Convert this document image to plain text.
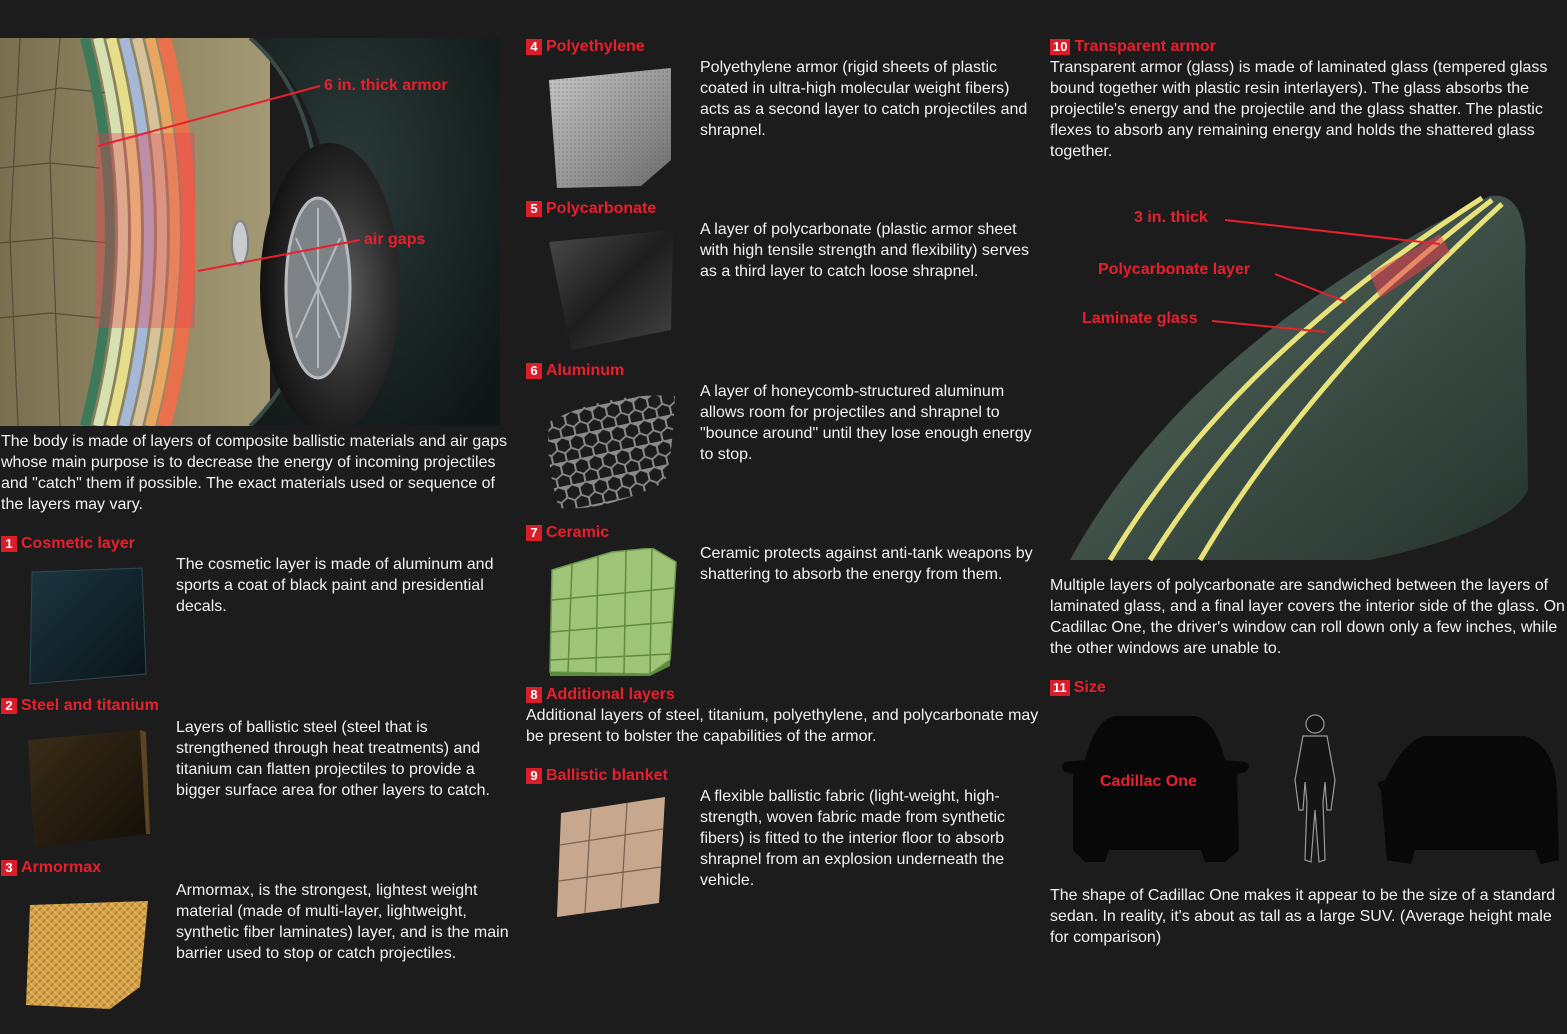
6 in. thick armor
air gaps

The body is made of layers of composite ballistic materials and air gaps whose main purpose is to decrease the energy of incoming projectiles and "catch" them if possible. The exact materials used or sequence of the layers may vary.

1 Cosmetic layer

The cosmetic layer is made of aluminum and sports a coat of black paint and presidential decals.

2 Steel and titanium

Layers of ballistic steel (steel that is strengthened through heat treatments) and titanium can flatten projectiles to provide a bigger surface area for other layers to catch.

3 Armormax

Armormax, is the strongest, lightest weight material (made of multi-layer, lightweight, synthetic fiber laminates) layer, and is the main barrier used to stop or catch projectiles.

4 Polyethylene

Polyethylene armor (rigid sheets of plastic coated in ultra-high molecular weight fibers) acts as a second layer to catch projectiles and shrapnel.

5 Polycarbonate

A layer of polycarbonate (plastic armor sheet with high tensile strength and flexibility) serves as a third layer to catch loose shrapnel.

6 Aluminum

A layer of honeycomb-structured aluminum allows room for projectiles and shrapnel to "bounce around" until they lose enough energy to stop.

7 Ceramic

Ceramic protects against anti-tank weapons by shattering to absorb the energy from them.

8 Additional layers

Additional layers of steel, titanium, polyethylene, and polycarbonate may be present to bolster the capabilities of the armor.

9 Ballistic blanket

A flexible ballistic fabric (light-weight, high-strength, woven fabric made from synthetic fibers) is fitted to the interior floor to absorb shrapnel from an explosion underneath the vehicle.

10 Transparent armor

Transparent armor (glass) is made of laminated glass (tempered glass bound together with plastic resin interlayers). The glass absorbs the projectile's energy and the projectile and the glass shatter. The plastic flexes to absorb any remaining energy and holds the shattered glass together.

3 in. thick
Polycarbonate layer
Laminate glass

Multiple layers of polycarbonate are sandwiched between the layers of laminated glass, and a final layer covers the interior side of the glass. On Cadillac One, the driver's window can roll down only a few inches, while the other windows are unable to.

11 Size
Cadillac One

The shape of Cadillac One makes it appear to be the size of a standard sedan. In reality, it's about as tall as a large SUV. (Average height male for comparison)
